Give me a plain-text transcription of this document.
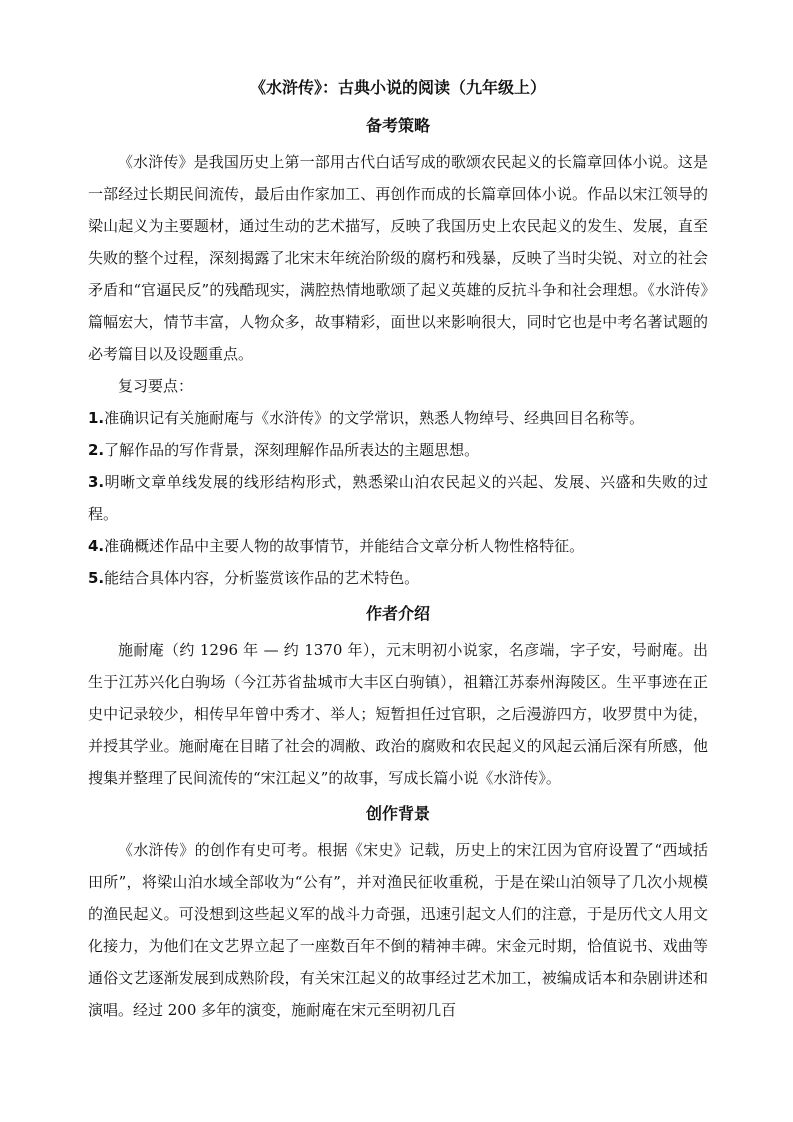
《水浒传》：古典小说的阅读（九年级上）
备考策略

《水浒传》是我国历史上第一部用古代白话写成的歌颂农民起义的长篇章回体小说。这是一部经过长期民间流传，最后由作家加工、再创作而成的长篇章回体小说。作品以宋江领导的梁山起义为主要题材，通过生动的艺术描写，反映了我国历史上农民起义的发生、发展，直至失败的整个过程，深刻揭露了北宋末年统治阶级的腐朽和残暴，反映了当时尖锐、对立的社会矛盾和“官逼民反”的残酷现实，满腔热情地歌颂了起义英雄的反抗斗争和社会理想。《水浒传》篇幅宏大，情节丰富，人物众多，故事精彩，面世以来影响很大，同时它也是中考名著试题的必考篇目以及设题重点。

复习要点：

1.准确识记有关施耐庵与《水浒传》的文学常识，熟悉人物绰号、经典回目名称等。

2.了解作品的写作背景，深刻理解作品所表达的主题思想。

3.明晰文章单线发展的线形结构形式，熟悉梁山泊农民起义的兴起、发展、兴盛和失败的过程。

4.准确概述作品中主要人物的故事情节，并能结合文章分析人物性格特征。

5.能结合具体内容，分析鉴赏该作品的艺术特色。

作者介绍

施耐庵（约 1296 年 — 约 1370 年），元末明初小说家，名彦端，字子安，号耐庵。出生于江苏兴化白驹场（今江苏省盐城市大丰区白驹镇），祖籍江苏泰州海陵区。生平事迹在正史中记录较少，相传早年曾中秀才、举人；短暂担任过官职，之后漫游四方，收罗贯中为徒，并授其学业。施耐庵在目睹了社会的凋敝、政治的腐败和农民起义的风起云涌后深有所感，他搜集并整理了民间流传的“宋江起义”的故事，写成长篇小说《水浒传》。

创作背景

《水浒传》的创作有史可考。根据《宋史》记载，历史上的宋江因为官府设置了“西域括田所”，将梁山泊水域全部收为“公有”，并对渔民征收重税，于是在梁山泊领导了几次小规模的渔民起义。可没想到这些起义军的战斗力奇强，迅速引起文人们的注意，于是历代文人用文化接力，为他们在文艺界立起了一座数百年不倒的精神丰碑。宋金元时期，恰值说书、戏曲等通俗文艺逐渐发展到成熟阶段，有关宋江起义的故事经过艺术加工，被编成话本和杂剧讲述和演唱。经过 200 多年的演变，施耐庵在宋元至明初几百
